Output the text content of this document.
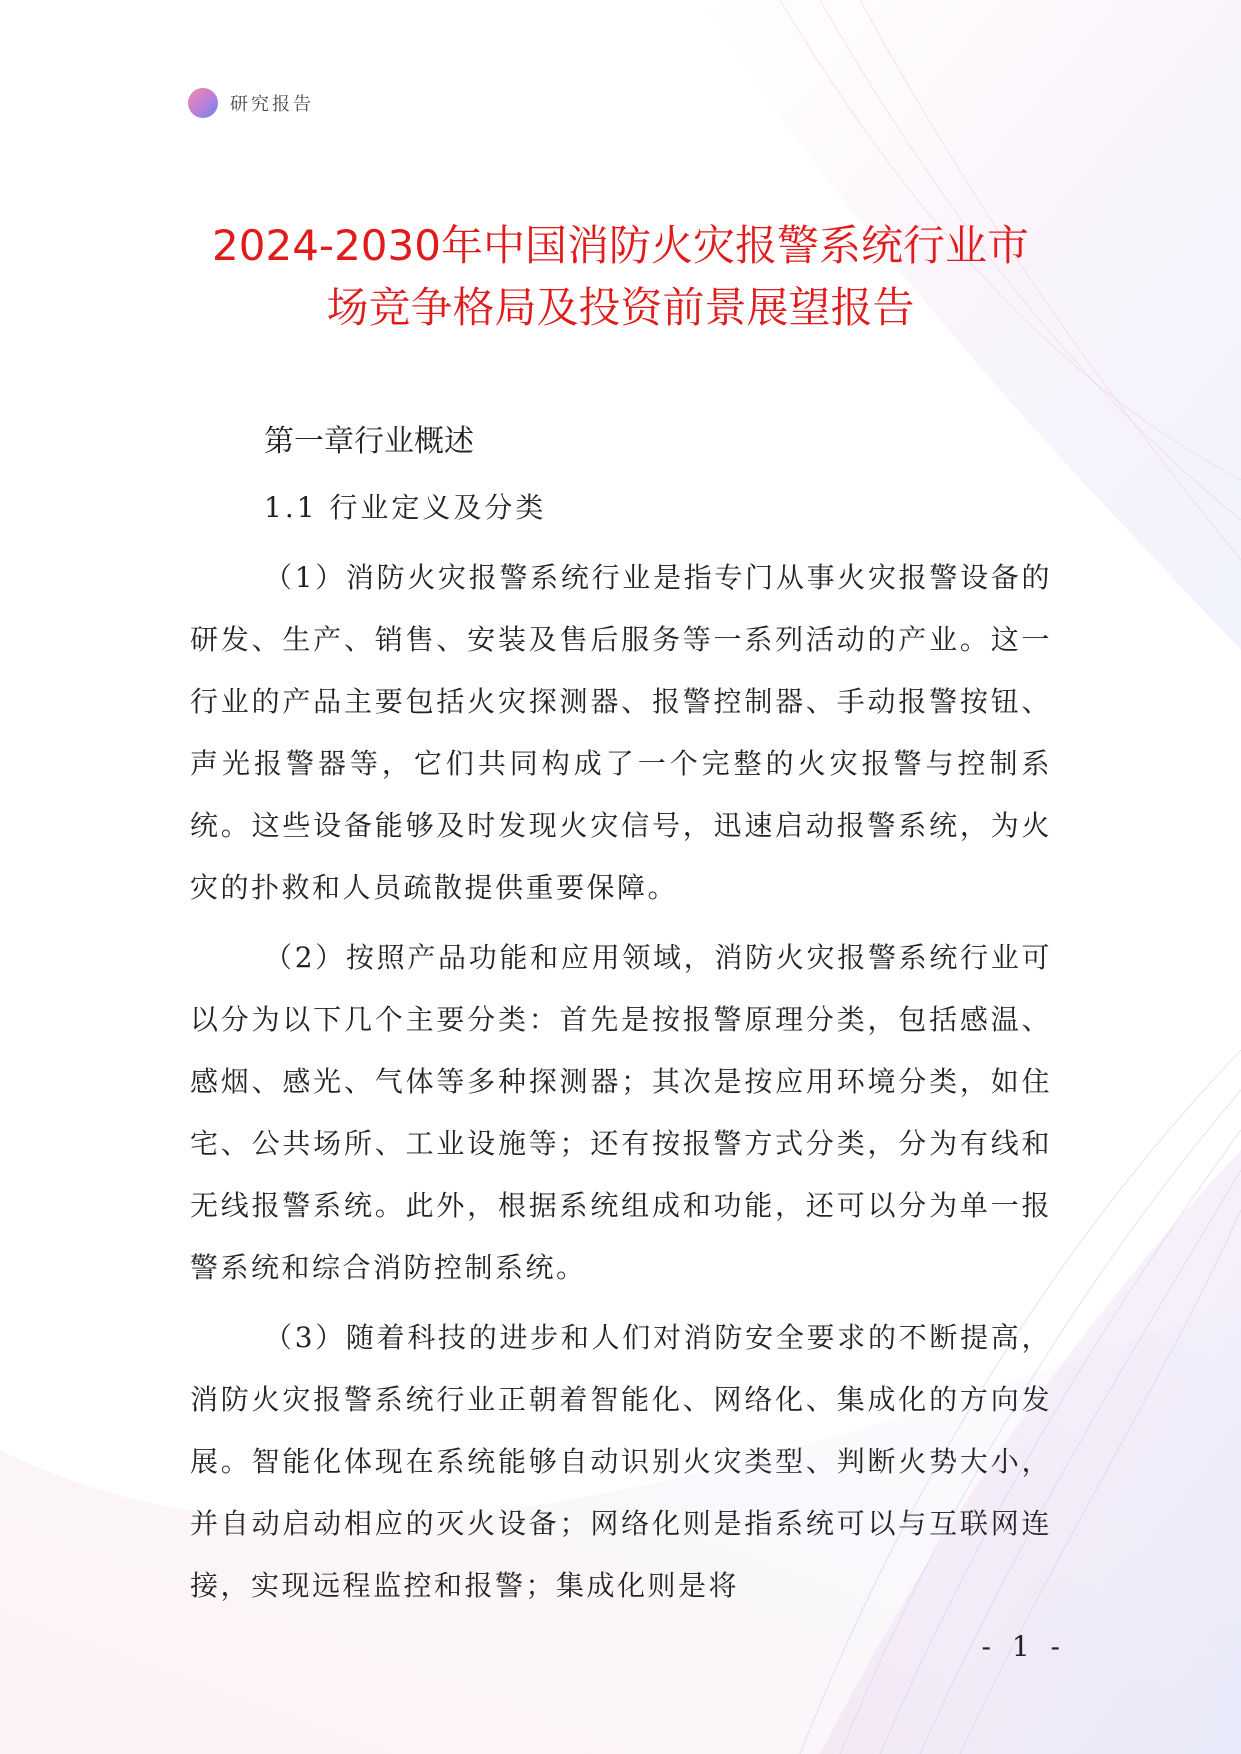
研究报告
2024-2030年中国消防火灾报警系统行业市
场竞争格局及投资前景展望报告
第一章行业概述
1.1 行业定义及分类

（1）消防火灾报警系统行业是指专门从事火灾报警设备的研发、生产、销售、安装及售后服务等一系列活动的产业。这一行业的产品主要包括火灾探测器、报警控制器、手动报警按钮、声光报警器等，它们共同构成了一个完整的火灾报警与控制系统。这些设备能够及时发现火灾信号，迅速启动报警系统，为火灾的扑救和人员疏散提供重要保障。

（2）按照产品功能和应用领域，消防火灾报警系统行业可以分为以下几个主要分类：首先是按报警原理分类，包括感温、感烟、感光、气体等多种探测器；其次是按应用环境分类，如住宅、公共场所、工业设施等；还有按报警方式分类，分为有线和无线报警系统。此外，根据系统组成和功能，还可以分为单一报警系统和综合消防控制系统。

（3）随着科技的进步和人们对消防安全要求的不断提高，消防火灾报警系统行业正朝着智能化、网络化、集成化的方向发展。智能化体现在系统能够自动识别火灾类型、判断火势大小，并自动启动相应的灭火设备；网络化则是指系统可以与互联网连接，实现远程监控和报警；集成化则是将

- 1 -
